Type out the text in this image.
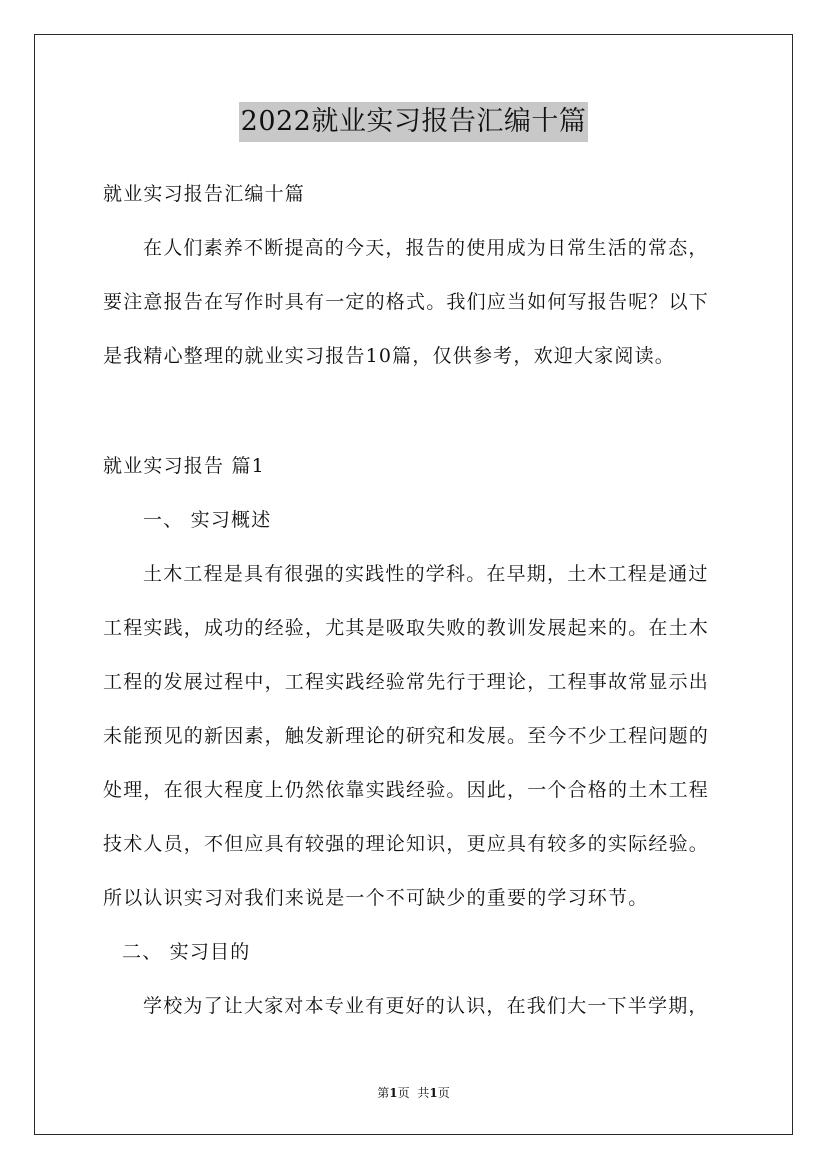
2022就业实习报告汇编十篇
就业实习报告汇编十篇
在人们素养不断提高的今天，报告的使用成为日常生活的常态，
要注意报告在写作时具有一定的格式。我们应当如何写报告呢？以下
是我精心整理的就业实习报告10篇，仅供参考，欢迎大家阅读。
就业实习报告 篇1
一、 实习概述
土木工程是具有很强的实践性的学科。在早期，土木工程是通过
工程实践，成功的经验，尤其是吸取失败的教训发展起来的。在土木
工程的发展过程中，工程实践经验常先行于理论，工程事故常显示出
未能预见的新因素，触发新理论的研究和发展。至今不少工程问题的
处理，在很大程度上仍然依靠实践经验。因此，一个合格的土木工程
技术人员，不但应具有较强的理论知识，更应具有较多的实际经验。
所以认识实习对我们来说是一个不可缺少的重要的学习环节。
二、 实习目的
学校为了让大家对本专业有更好的认识，在我们大一下半学期，
第1页 共1页
